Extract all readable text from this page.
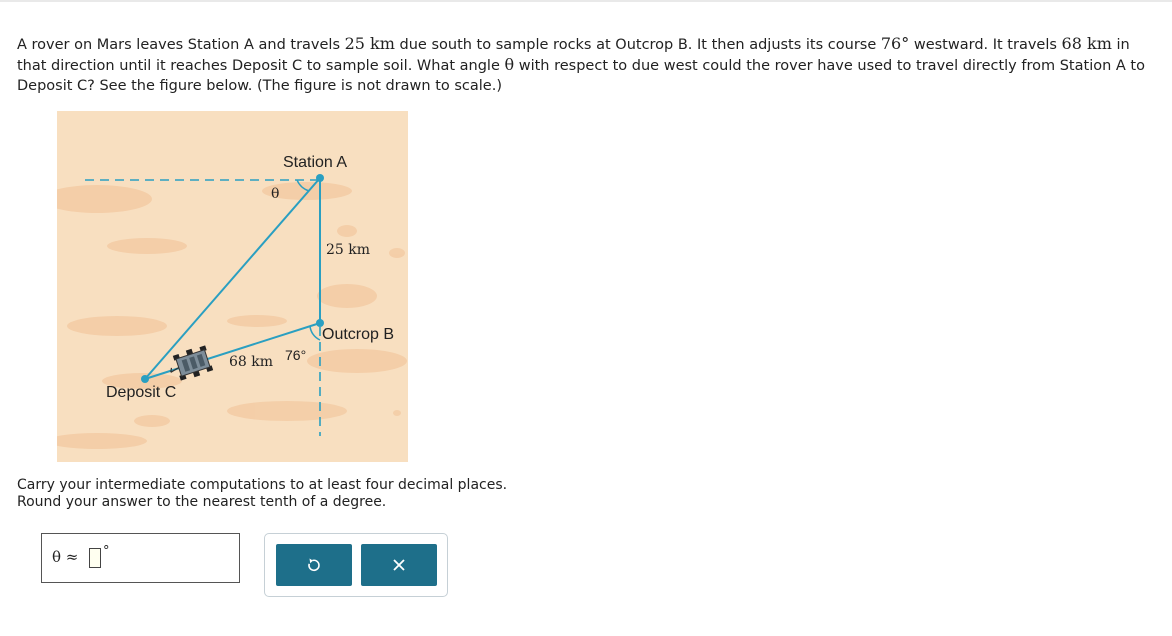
A rover on Mars leaves Station A and travels 25 km due south to sample rocks at Outcrop B. It then adjusts its course 76° westward. It travels 68 km in that direction until it reaches Deposit C to sample soil. What angle θ with respect to due west could the rover have used to travel directly from Station A to Deposit C? See the figure below. (The figure is not drawn to scale.)
Station A
Outcrop B
Deposit C
θ
25 km
68 km 76°
Carry your intermediate computations to at least four decimal places.
Round your answer to the nearest tenth of a degree.
θ ≈ °
